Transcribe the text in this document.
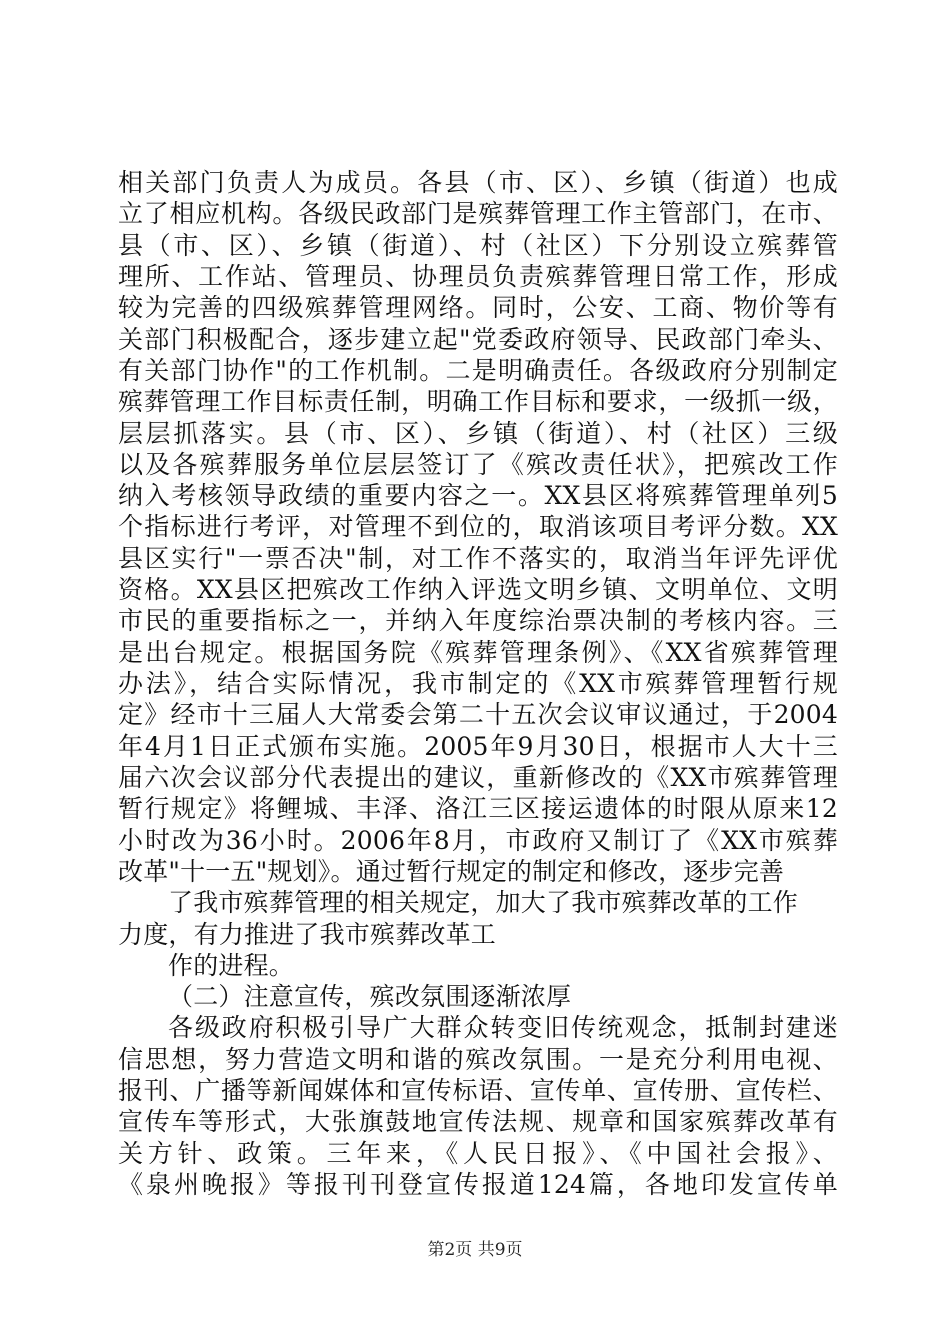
相关部门负责人为成员。各县（市、区）、乡镇（街道）也成
立了相应机构。各级民政部门是殡葬管理工作主管部门，在市、
县（市、区）、乡镇（街道）、村（社区）下分别设立殡葬管
理所、工作站、管理员、协理员负责殡葬管理日常工作，形成
较为完善的四级殡葬管理网络。同时，公安、工商、物价等有
关部门积极配合，逐步建立起"党委政府领导、民政部门牵头、
有关部门协作"的工作机制。二是明确责任。各级政府分别制定
殡葬管理工作目标责任制，明确工作目标和要求，一级抓一级，
层层抓落实。县（市、区）、乡镇（街道）、村（社区）三级
以及各殡葬服务单位层层签订了《殡改责任状》，把殡改工作
纳入考核领导政绩的重要内容之一。XX县区将殡葬管理单列5
个指标进行考评，对管理不到位的，取消该项目考评分数。XX
县区实行"一票否决"制，对工作不落实的，取消当年评先评优
资格。XX县区把殡改工作纳入评选文明乡镇、文明单位、文明
市民的重要指标之一，并纳入年度综治票决制的考核内容。三
是出台规定。根据国务院《殡葬管理条例》、《XX省殡葬管理
办法》，结合实际情况，我市制定的《XX市殡葬管理暂行规
定》经市十三届人大常委会第二十五次会议审议通过，于2004
年4月1日正式颁布实施。2005年9月30日，根据市人大十三
届六次会议部分代表提出的建议，重新修改的《XX市殡葬管理
暂行规定》将鲤城、丰泽、洛江三区接运遗体的时限从原来12
小时改为36小时。2006年8月，市政府又制订了《XX市殡葬
改革"十一五"规划》。通过暂行规定的制定和修改，逐步完善
了我市殡葬管理的相关规定，加大了我市殡葬改革的工作
力度，有力推进了我市殡葬改革工
作的进程。
（二）注意宣传，殡改氛围逐渐浓厚
各级政府积极引导广大群众转变旧传统观念，抵制封建迷
信思想，努力营造文明和谐的殡改氛围。一是充分利用电视、
报刊、广播等新闻媒体和宣传标语、宣传单、宣传册、宣传栏、
宣传车等形式，大张旗鼓地宣传法规、规章和国家殡葬改革有
关方针、政策。三年来，《人民日报》、《中国社会报》、
《泉州晚报》等报刊刊登宣传报道124篇，各地印发宣传单
第2页 共9页
